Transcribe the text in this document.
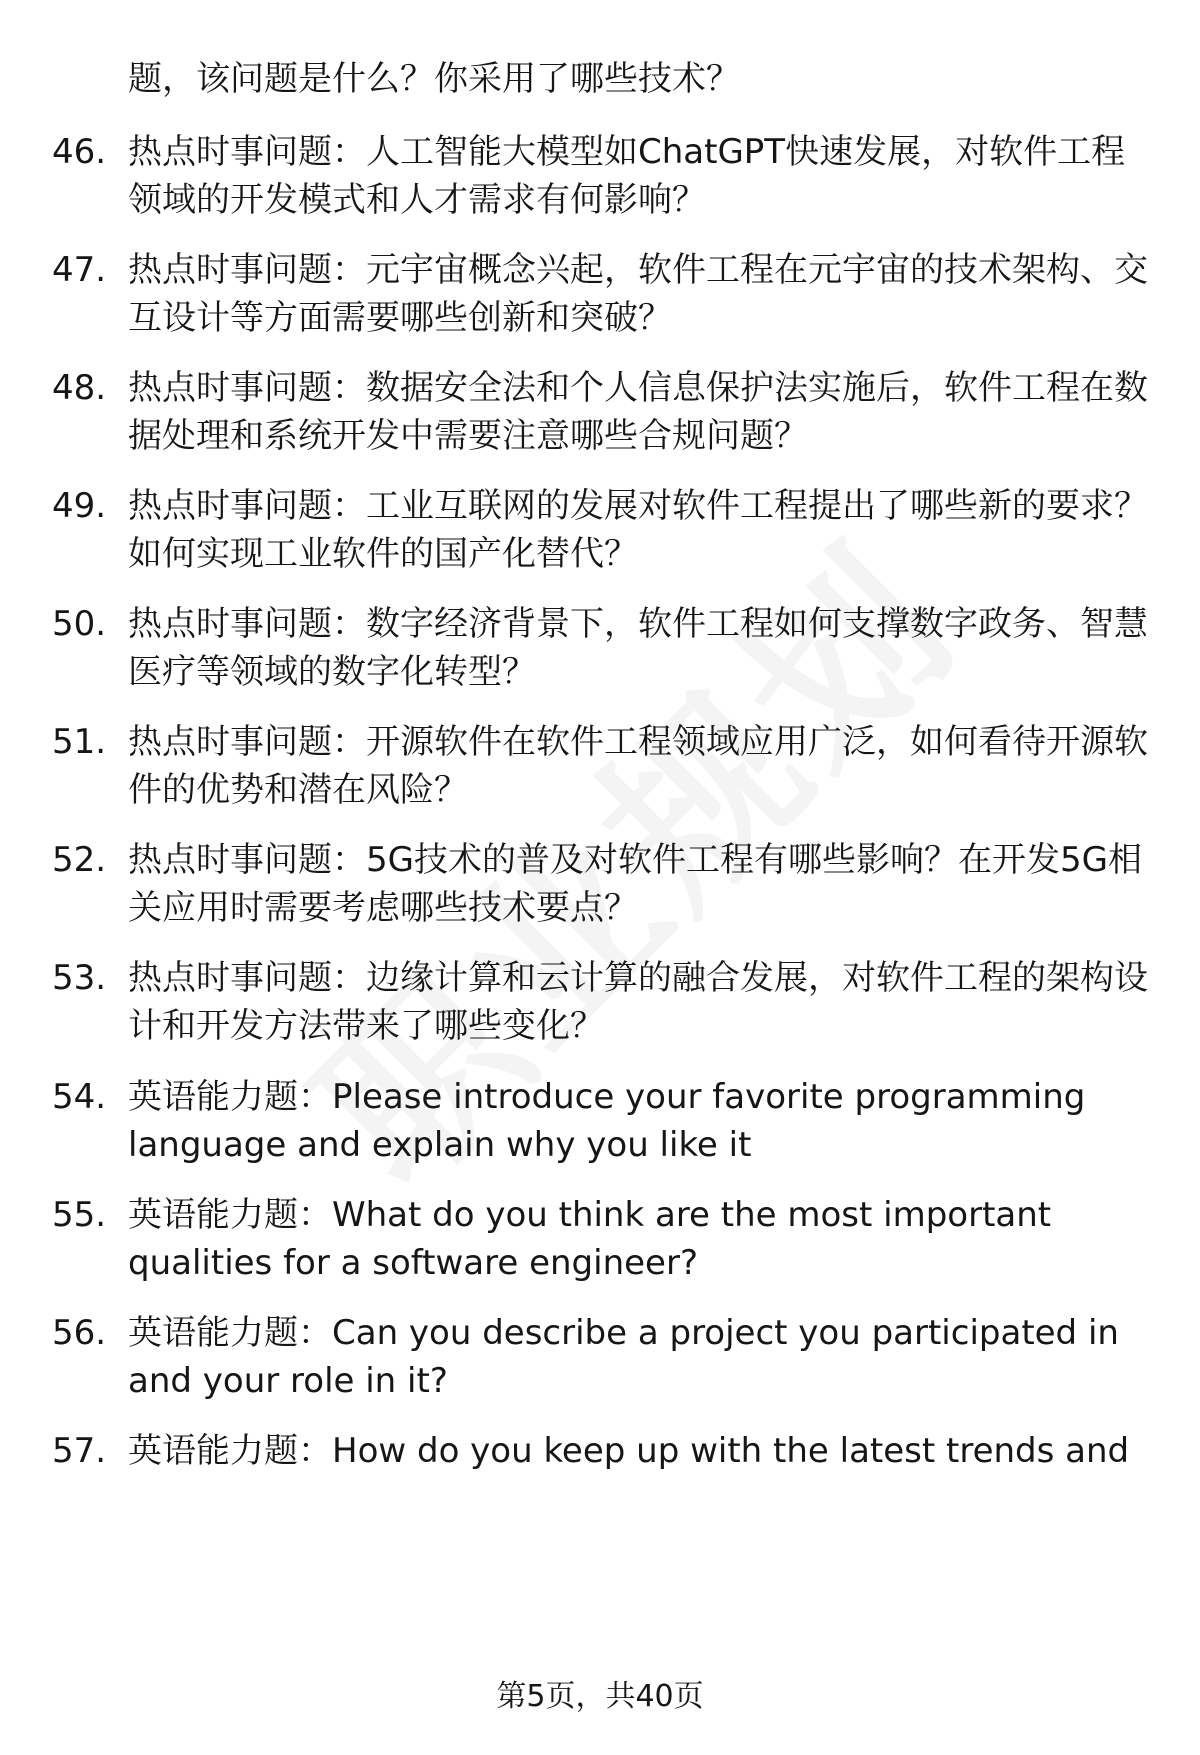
题，该问题是什么？你采用了哪些技术？
46. 热点时事问题：人工智能大模型如ChatGPT快速发展，对软件工程领域的开发模式和人才需求有何影响？
47. 热点时事问题：元宇宙概念兴起，软件工程在元宇宙的技术架构、交互设计等方面需要哪些创新和突破？
48. 热点时事问题：数据安全法和个人信息保护法实施后，软件工程在数据处理和系统开发中需要注意哪些合规问题？
49. 热点时事问题：工业互联网的发展对软件工程提出了哪些新的要求？如何实现工业软件的国产化替代？
50. 热点时事问题：数字经济背景下，软件工程如何支撑数字政务、智慧医疗等领域的数字化转型？
51. 热点时事问题：开源软件在软件工程领域应用广泛，如何看待开源软件的优势和潜在风险？
52. 热点时事问题：5G技术的普及对软件工程有哪些影响？在开发5G相关应用时需要考虑哪些技术要点？
53. 热点时事问题：边缘计算和云计算的融合发展，对软件工程的架构设计和开发方法带来了哪些变化？
54. 英语能力题：Please introduce your favorite programming language and explain why you like it
55. 英语能力题：What do you think are the most important qualities for a software engineer?
56. 英语能力题：Can you describe a project you participated in and your role in it?
57. 英语能力题：How do you keep up with the latest trends and
第5页，共40页
